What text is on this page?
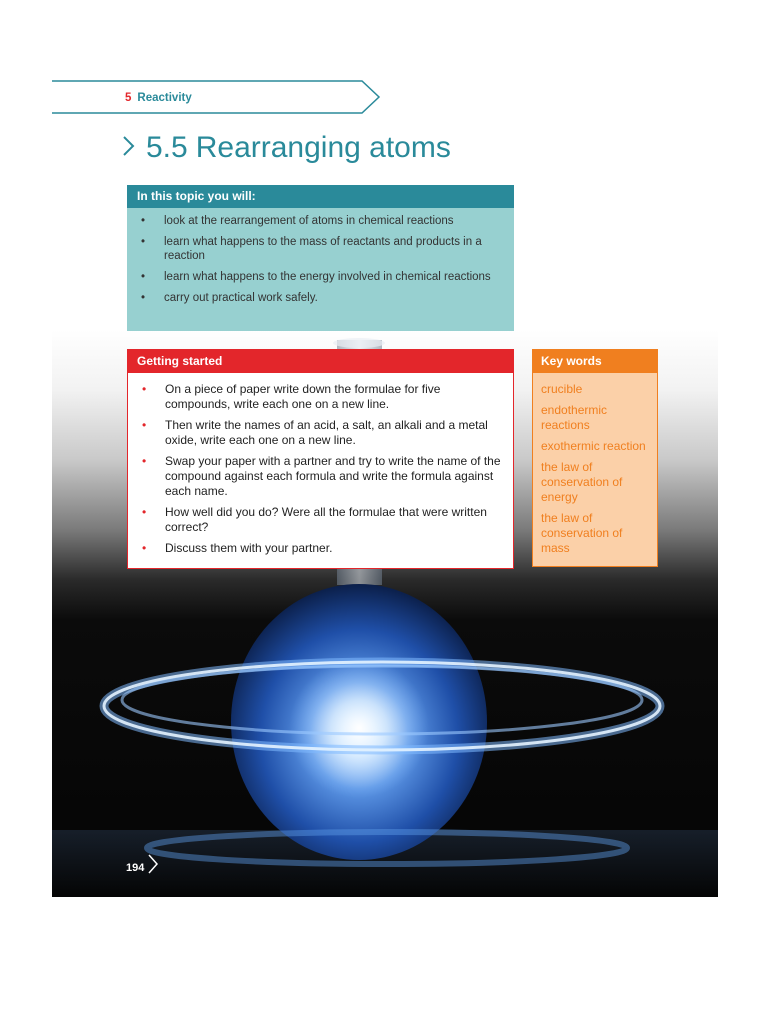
5 Reactivity
5.5 Rearranging atoms
In this topic you will:
• look at the rearrangement of atoms in chemical reactions
• learn what happens to the mass of reactants and products in a reaction
• learn what happens to the energy involved in chemical reactions
• carry out practical work safely.
Getting started
• On a piece of paper write down the formulae for five compounds, write each one on a new line.
• Then write the names of an acid, a salt, an alkali and a metal oxide, write each one on a new line.
• Swap your paper with a partner and try to write the name of the compound against each formula and write the formula against each name.
• How well did you do? Were all the formulae that were written correct?
• Discuss them with your partner.
Key words
crucible
endothermic reactions
exothermic reaction
the law of conservation of energy
the law of conservation of mass
194
